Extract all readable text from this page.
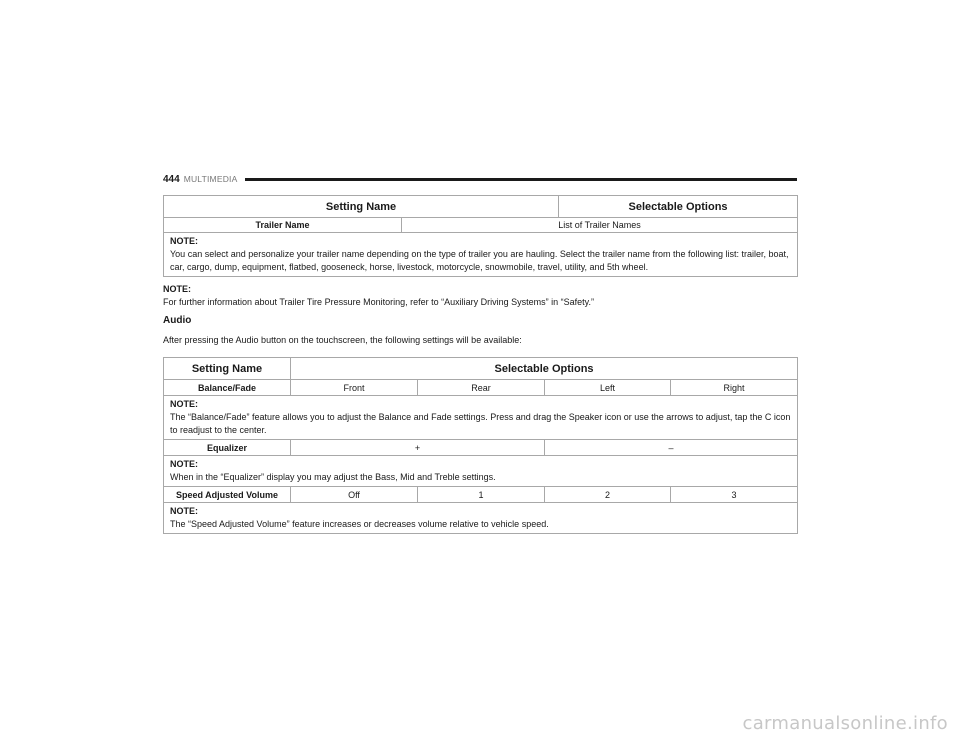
444 MULTIMEDIA
Setting Name		Selectable Options
Trailer Name	List of Trailer Names	

NOTE:
You can select and personalize your trailer name depending on the type of trailer you are hauling. Select the trailer name from the following list: trailer, boat, car, cargo, dump, equipment, flatbed, gooseneck, horse, livestock, motorcycle, snowmobile, travel, utility, and 5th wheel.		
NOTE:
For further information about Trailer Tire Pressure Monitoring, refer to “Auxiliary Driving Systems” in “Safety.”
Audio
After pressing the Audio button on the touchscreen, the following settings will be available:
Setting Name	Selectable Options			
Balance/Fade	Front	Rear	Left	Right

NOTE:
The “Balance/Fade” feature allows you to adjust the Balance and Fade settings. Press and drag the Speaker icon or use the arrows to adjust, tap the C icon to readjust to the center.				
Equalizer	+		–	

NOTE:
When in the “Equalizer” display you may adjust the Bass, Mid and Treble settings.				
Speed Adjusted Volume	Off	1	2	3

NOTE:
The “Speed Adjusted Volume” feature increases or decreases volume relative to vehicle speed.				
carmanualsonline.info
